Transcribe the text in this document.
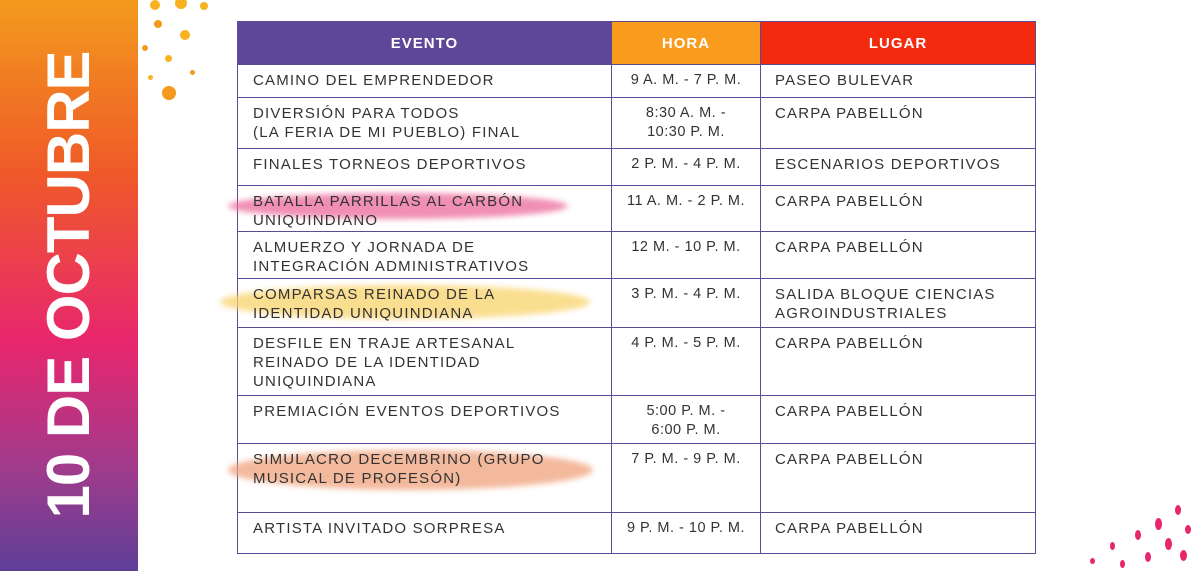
10 DE OCTUBRE
EVENTO	HORA	LUGAR

CAMINO DEL EMPRENDEDOR	9 A. M. - 7 P. M.	PASEO BULEVAR

DIVERSIÓN PARA TODOS
(LA FERIA DE MI PUEBLO) FINAL	8:30 A. M. -
10:30 P. M.	CARPA PABELLÓN

FINALES TORNEOS DEPORTIVOS	2 P. M. - 4 P. M.	ESCENARIOS DEPORTIVOS

BATALLA PARRILLAS AL CARBÓN
UNIQUINDIANO	11 A. M. - 2 P. M.	CARPA PABELLÓN

ALMUERZO Y JORNADA DE
INTEGRACIÓN ADMINISTRATIVOS	12 M. - 10 P. M.	CARPA PABELLÓN

COMPARSAS REINADO DE LA
IDENTIDAD UNIQUINDIANA	3 P. M. - 4 P. M.	SALIDA BLOQUE CIENCIAS
AGROINDUSTRIALES

DESFILE EN TRAJE ARTESANAL
REINADO DE LA IDENTIDAD
UNIQUINDIANA	4 P. M. - 5 P. M.	CARPA PABELLÓN

PREMIACIÓN EVENTOS DEPORTIVOS	5:00 P. M. -
6:00 P. M.	CARPA PABELLÓN

SIMULACRO DECEMBRINO (GRUPO
MUSICAL DE PROFESÓN)	7 P. M. - 9 P. M.	CARPA PABELLÓN

ARTISTA INVITADO SORPRESA	9 P. M. - 10 P. M.	CARPA PABELLÓN
